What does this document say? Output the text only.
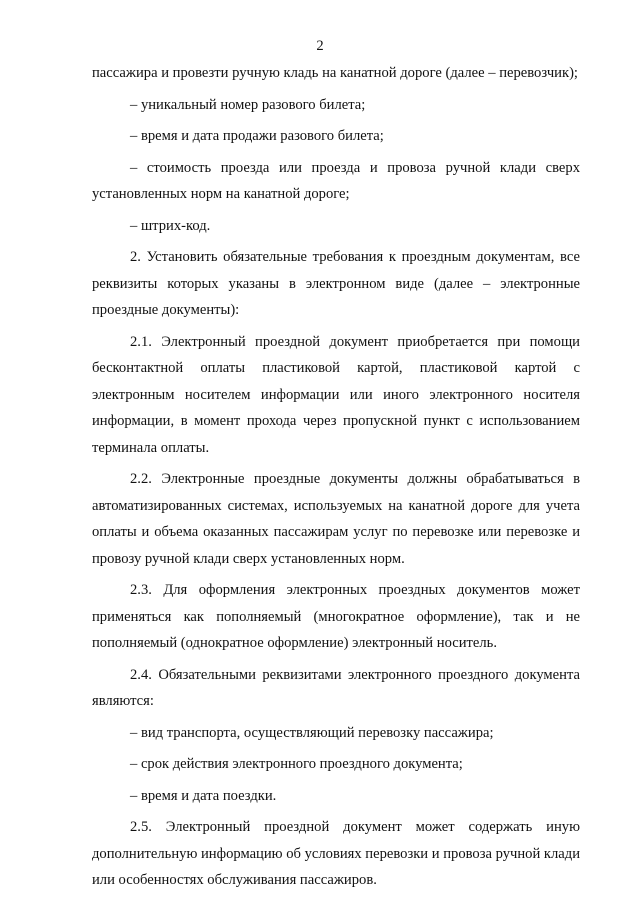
2

пассажира и провезти ручную кладь на канатной дороге (далее – перевозчик);

– уникальный номер разового билета;

– время и дата продажи разового билета;

– стоимость проезда или проезда и провоза ручной клади сверх установленных норм на канатной дороге;

– штрих-код.

2. Установить обязательные требования к проездным документам, все реквизиты которых указаны в электронном виде (далее – электронные проездные документы):

2.1. Электронный проездной документ приобретается при помощи бесконтактной оплаты пластиковой картой, пластиковой картой с электронным носителем информации или иного электронного носителя информации, в момент прохода через пропускной пункт с использованием терминала оплаты.

2.2. Электронные проездные документы должны обрабатываться в автоматизированных системах, используемых на канатной дороге для учета оплаты и объема оказанных пассажирам услуг по перевозке или перевозке и провозу ручной клади сверх установленных норм.

2.3. Для оформления электронных проездных документов может применяться как пополняемый (многократное оформление), так и не пополняемый (однократное оформление) электронный носитель.

2.4. Обязательными реквизитами электронного проездного документа являются:

– вид транспорта, осуществляющий перевозку пассажира;

– срок действия электронного проездного документа;

– время и дата поездки.

2.5. Электронный проездной документ может содержать иную дополнительную информацию об условиях перевозки и провоза ручной клади или особенностях обслуживания пассажиров.
